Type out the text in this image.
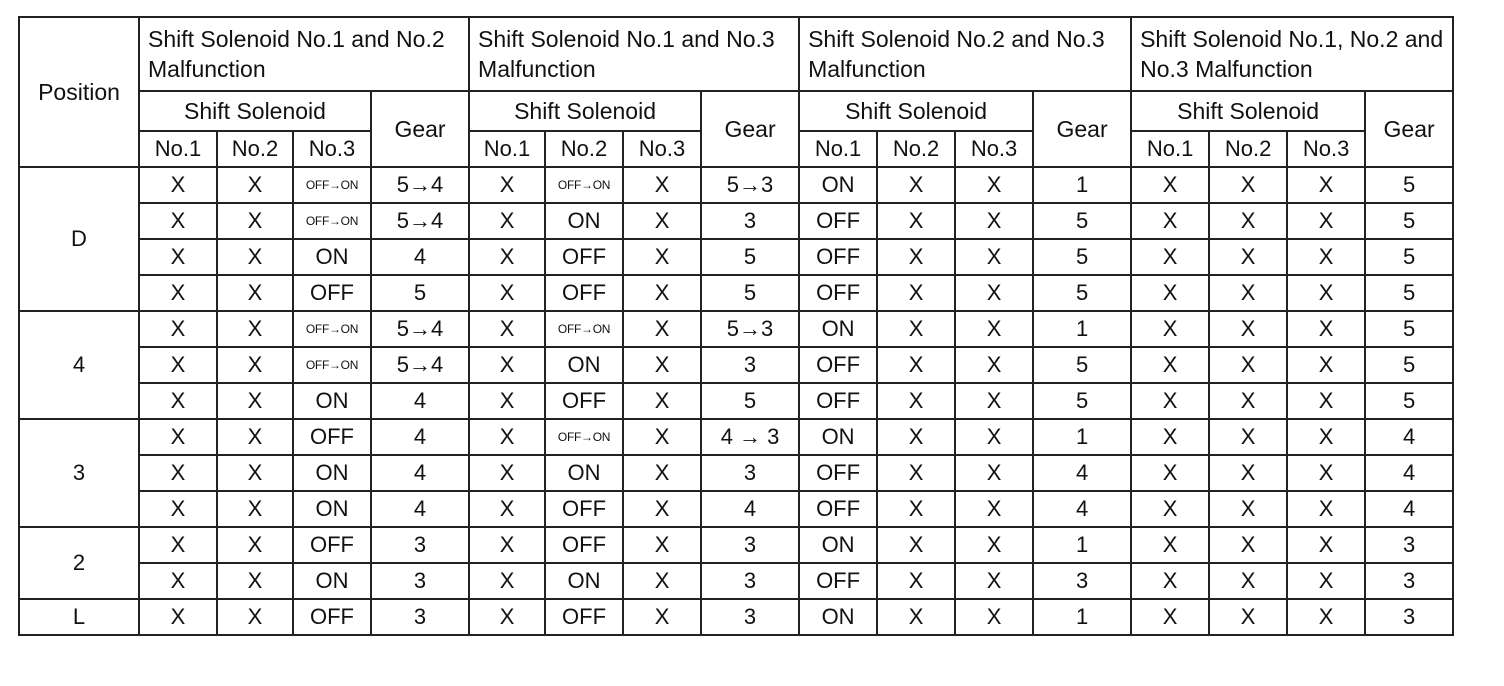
Position	Shift Solenoid No.1 and No.2 Malfunction				Shift Solenoid No.1 and No.3 Malfunction				Shift Solenoid No.2 and No.3 Malfunction				Shift Solenoid No.1, No.2 and No.3 Malfunction			
	Shift Solenoid			Gear	Shift Solenoid			Gear	Shift Solenoid			Gear	Shift Solenoid			Gear
	No.1	No.2	No.3		No.1	No.2	No.3		No.1	No.2	No.3		No.1	No.2	No.3	
D	X	X	OFF→ON	5→4	X	OFF→ON	X	5→3	ON	X	X	1	X	X	X	5
	X	X	OFF→ON	5→4	X	ON	X	3	OFF	X	X	5	X	X	X	5
	X	X	ON	4	X	OFF	X	5	OFF	X	X	5	X	X	X	5
	X	X	OFF	5	X	OFF	X	5	OFF	X	X	5	X	X	X	5
4	X	X	OFF→ON	5→4	X	OFF→ON	X	5→3	ON	X	X	1	X	X	X	5
	X	X	OFF→ON	5→4	X	ON	X	3	OFF	X	X	5	X	X	X	5
	X	X	ON	4	X	OFF	X	5	OFF	X	X	5	X	X	X	5
3	X	X	OFF	4	X	OFF→ON	X	4 → 3	ON	X	X	1	X	X	X	4
	X	X	ON	4	X	ON	X	3	OFF	X	X	4	X	X	X	4
	X	X	ON	4	X	OFF	X	4	OFF	X	X	4	X	X	X	4
2	X	X	OFF	3	X	OFF	X	3	ON	X	X	1	X	X	X	3
	X	X	ON	3	X	ON	X	3	OFF	X	X	3	X	X	X	3
L	X	X	OFF	3	X	OFF	X	3	ON	X	X	1	X	X	X	3
